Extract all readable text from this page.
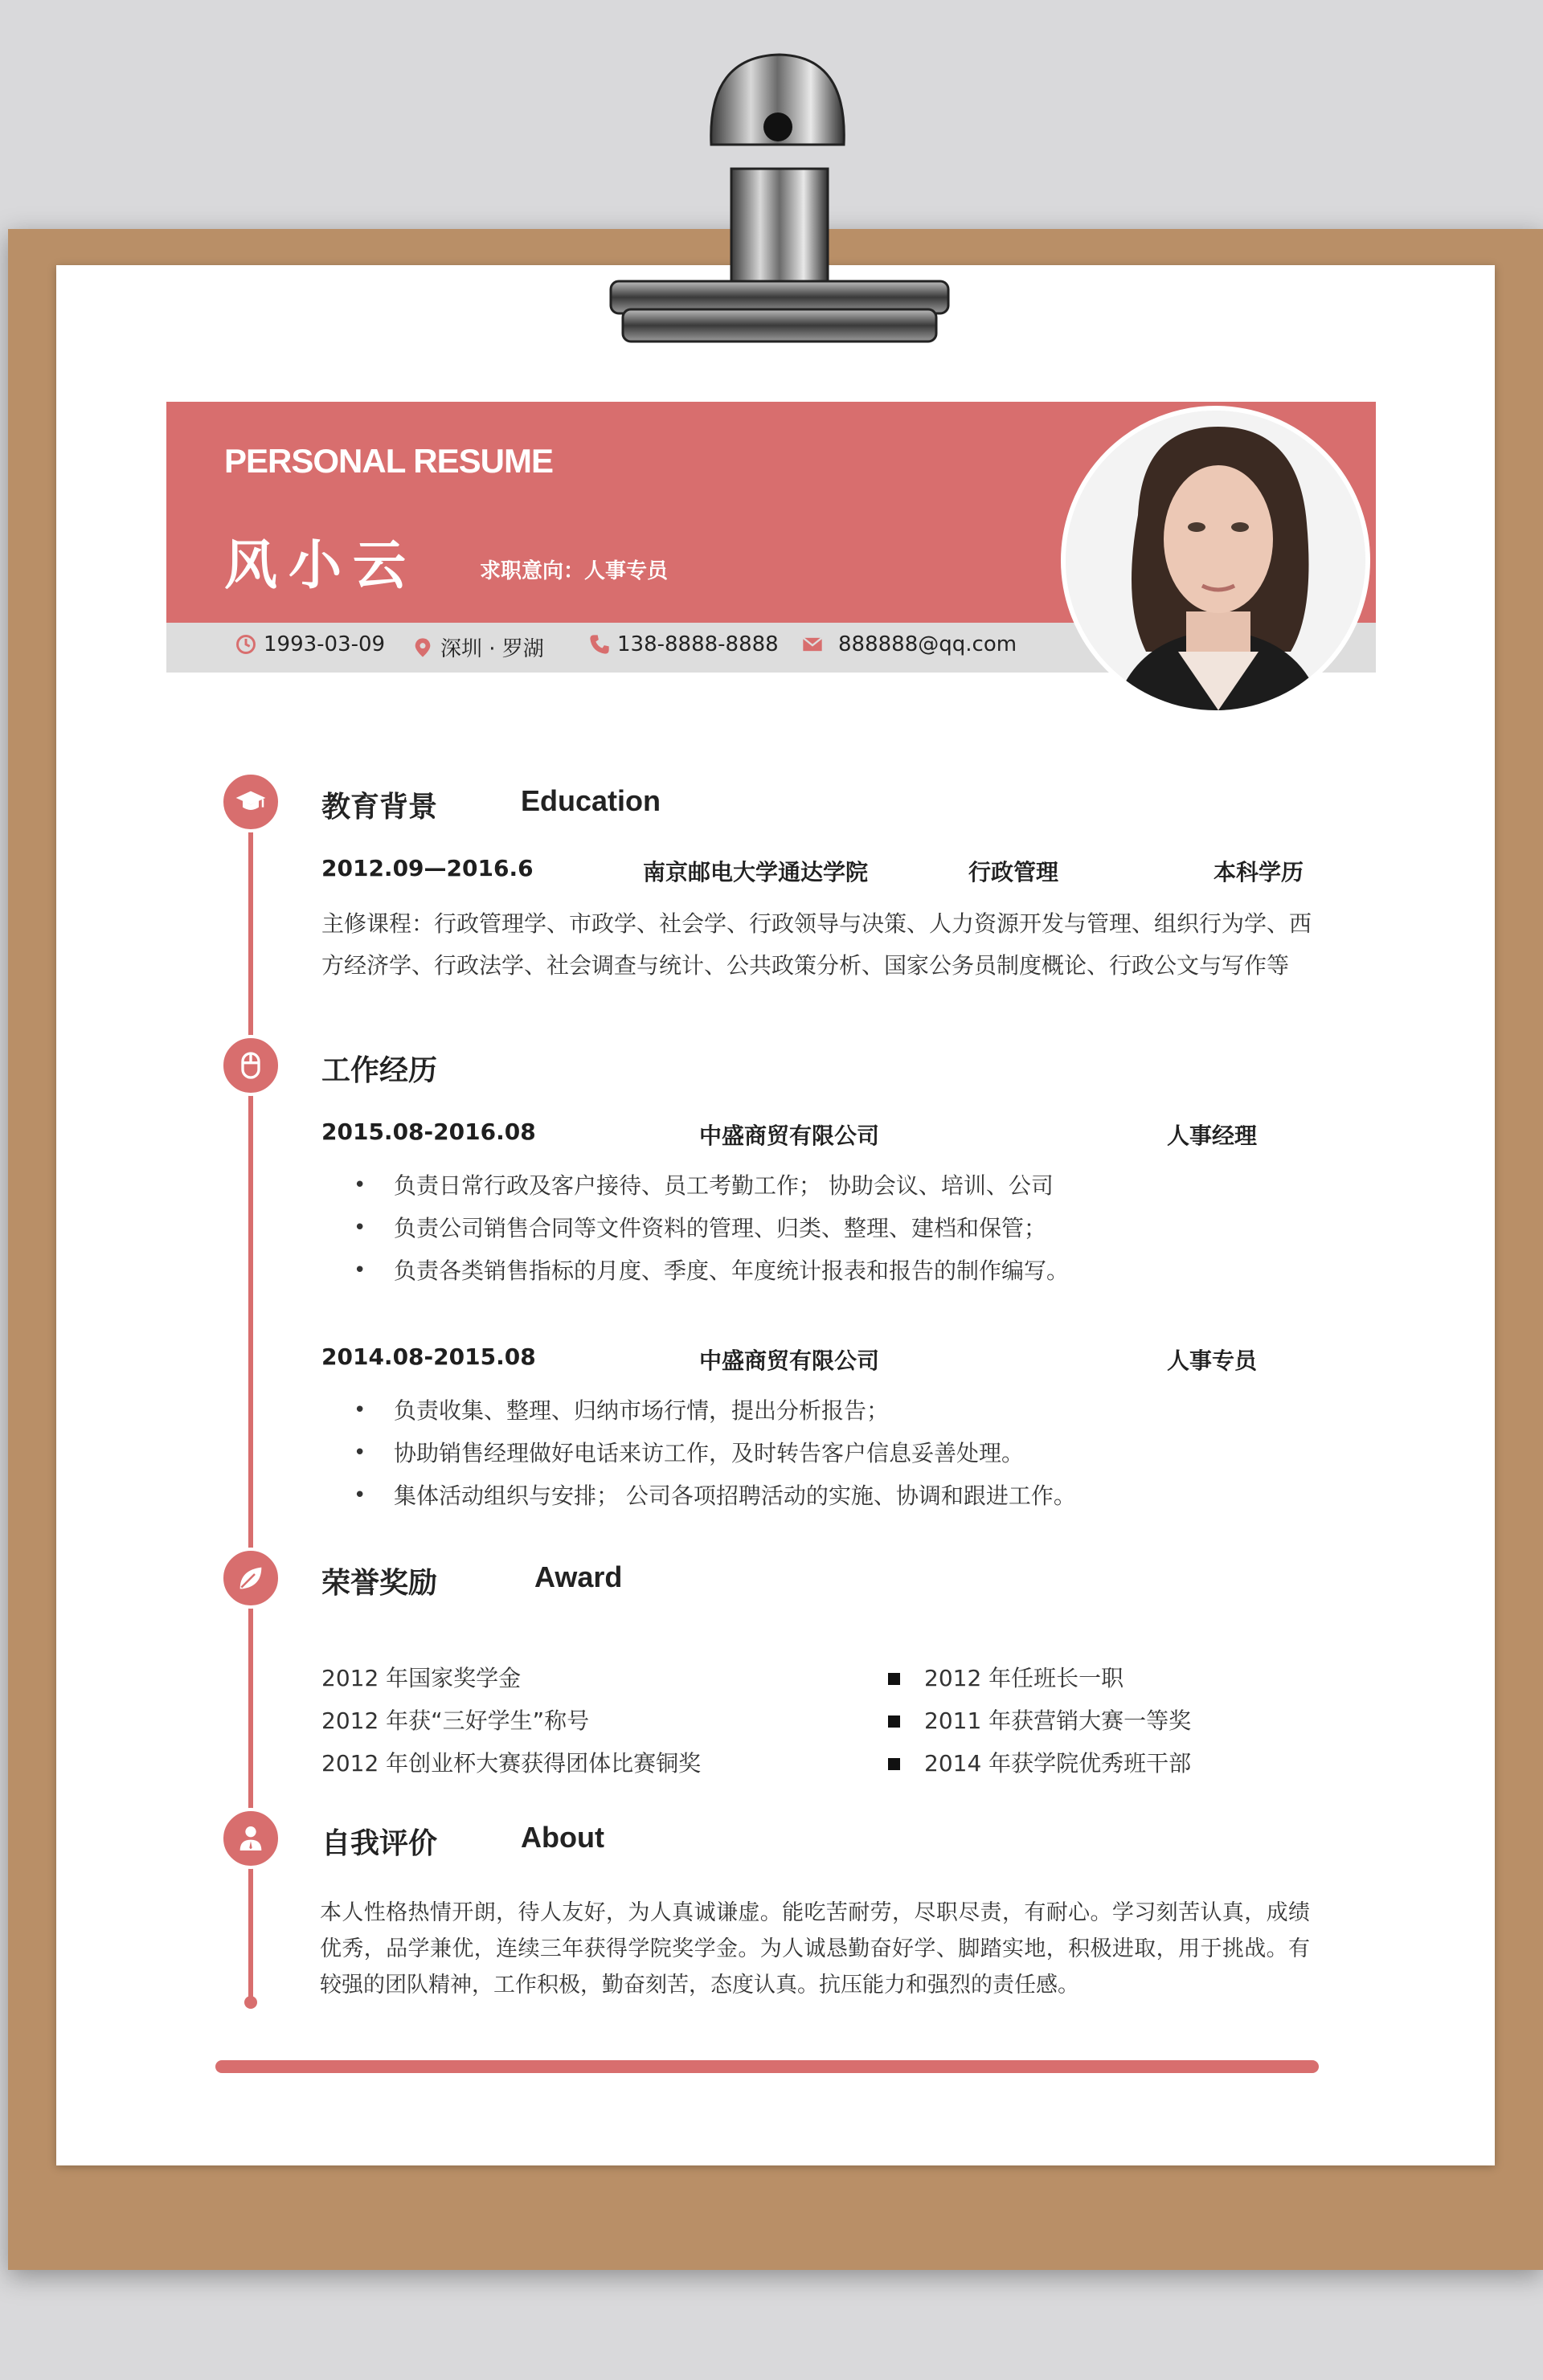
PERSONAL RESUME
风小云	求职意向：人事专员
1993-03-09	深圳 · 罗湖	138-8888-8888	888888@qq.com
教育背景	Education
2012.09—2016.6	南京邮电大学通达学院	行政管理	本科学历
主修课程：行政管理学、市政学、社会学、行政领导与决策、人力资源开发与管理、组织行为学、西
方经济学、行政法学、社会调查与统计、公共政策分析、国家公务员制度概论、行政公文与写作等
工作经历
2015.08-2016.08	中盛商贸有限公司	人事经理
• 负责日常行政及客户接待、员工考勤工作； 协助会议、培训、公司
• 负责公司销售合同等文件资料的管理、归类、整理、建档和保管；
• 负责各类销售指标的月度、季度、年度统计报表和报告的制作编写。
2014.08-2015.08	中盛商贸有限公司	人事专员
• 负责收集、整理、归纳市场行情，提出分析报告；
• 协助销售经理做好电话来访工作，及时转告客户信息妥善处理。
• 集体活动组织与安排； 公司各项招聘活动的实施、协调和跟进工作。
荣誉奖励	Award
2012 年国家奖学金
2012 年获“三好学生”称号
2012 年创业杯大赛获得团体比赛铜奖
2012 年任班长一职
2011 年获营销大赛一等奖
2014 年获学院优秀班干部
自我评价	About
本人性格热情开朗，待人友好，为人真诚谦虚。能吃苦耐劳，尽职尽责，有耐心。学习刻苦认真，成绩优秀，品学兼优，连续三年获得学院奖学金。为人诚恳勤奋好学、脚踏实地，积极进取，用于挑战。有较强的团队精神，工作积极，勤奋刻苦，态度认真。抗压能力和强烈的责任感。
